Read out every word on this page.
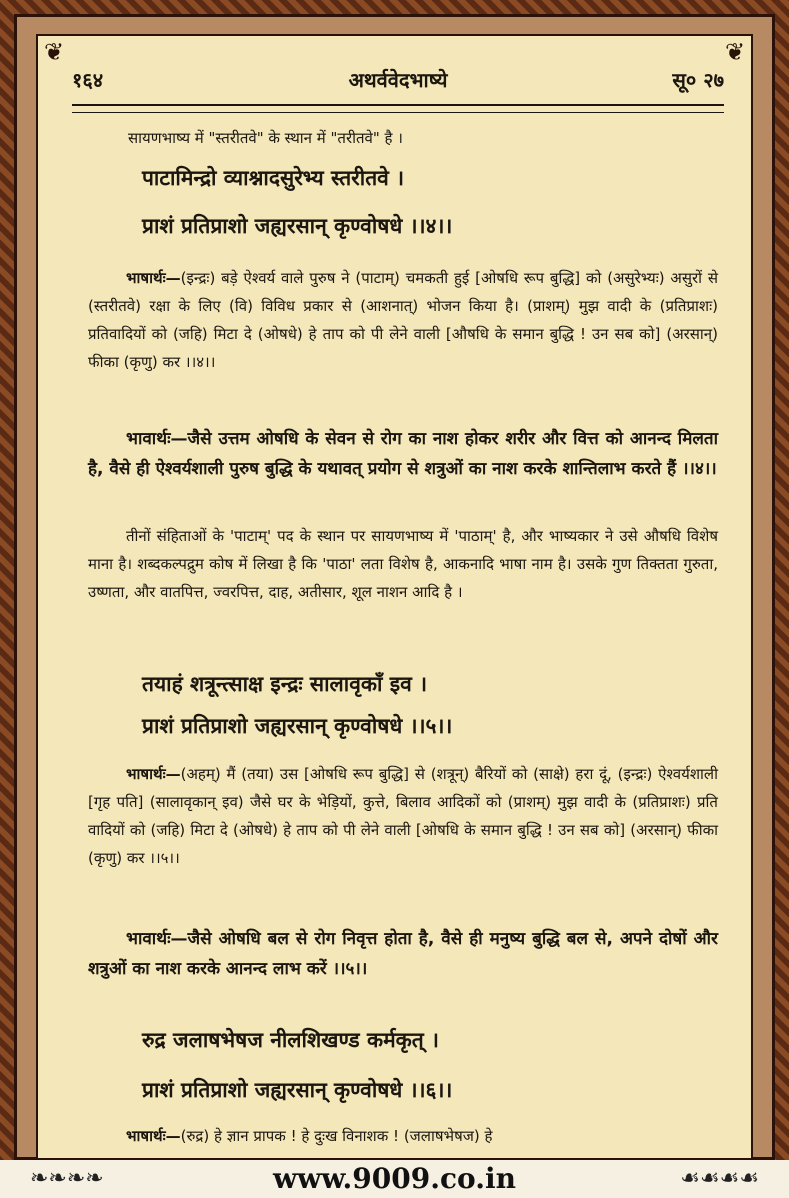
❦	❦
१६४	अथर्ववेदभाष्ये	सू० २७
सायणभाष्य में "स्तरीतवे" के स्थान में "तरीतवे" है ।
पाटामिन्द्रो व्याश्नादसुरेभ्य स्तरीतवे ।
प्राशं प्रतिप्राशो जह्यरसान् कृण्वोषधे ।।४।।
भाषार्थः—(इन्द्रः) बड़े ऐश्वर्य वाले पुरुष ने (पाटाम्) चमकती हुई [ओषधि रूप बुद्धि] को (असुरेभ्यः) असुरों से (स्तरीतवे) रक्षा के लिए (वि) विविध प्रकार से (आशनात्) भोजन किया है। (प्राशम्) मुझ वादी के (प्रतिप्राशः) प्रतिवादियों को (जहि) मिटा दे (ओषधे) हे ताप को पी लेने वाली [औषधि के समान बुद्धि ! उन सब को] (अरसान्) फीका (कृणु) कर ।।४।।
भावार्थः—जैसे उत्तम ओषधि के सेवन से रोग का नाश होकर शरीर और वित्त को आनन्द मिलता है, वैसे ही ऐश्वर्यशाली पुरुष बुद्धि के यथावत् प्रयोग से शत्रुओं का नाश करके शान्तिलाभ करते हैं ।।४।।
तीनों संहिताओं के 'पाटाम्' पद के स्थान पर सायणभाष्य में 'पाठाम्' है, और भाष्यकार ने उसे औषधि विशेष माना है। शब्दकल्पद्रुम कोष में लिखा है कि 'पाठा' लता विशेष है, आकनादि भाषा नाम है। उसके गुण तिक्तता गुरुता, उष्णता, और वातपित्त, ज्वरपित्त, दाह, अतीसार, शूल नाशन आदि है ।
तयाहं शत्रून्त्साक्ष इन्द्रः सालावृकाँ इव ।
प्राशं प्रतिप्राशो जह्यरसान् कृण्वोषधे ।।५।।
भाषार्थः—(अहम्) मैं (तया) उस [ओषधि रूप बुद्धि] से (शत्रून्) बैरियों को (साक्षे) हरा दूं, (इन्द्रः) ऐश्वर्यशाली [गृह पति] (सालावृकान् इव) जैसे घर के भेड़ियों, कुत्ते, बिलाव आदिकों को (प्राशम्) मुझ वादी के (प्रतिप्राशः) प्रति वादियों को (जहि) मिटा दे (ओषधे) हे ताप को पी लेने वाली [ओषधि के समान बुद्धि ! उन सब को] (अरसान्) फीका (कृणु) कर ।।५।।
भावार्थः—जैसे ओषधि बल से रोग निवृत्त होता है, वैसे ही मनुष्य बुद्धि बल से, अपने दोषों और शत्रुओं का नाश करके आनन्द लाभ करें ।।५।।
रुद्र जलाषभेषज नीलशिखण्ड कर्मकृत् ।
प्राशं प्रतिप्राशो जह्यरसान् कृण्वोषधे ।।६।।
भाषार्थः—(रुद्र) हे ज्ञान प्रापक ! हे दुःख विनाशक ! (जलाषभेषज) हे
❧❧❧❧	www.9009.co.in	☙☙☙☙
